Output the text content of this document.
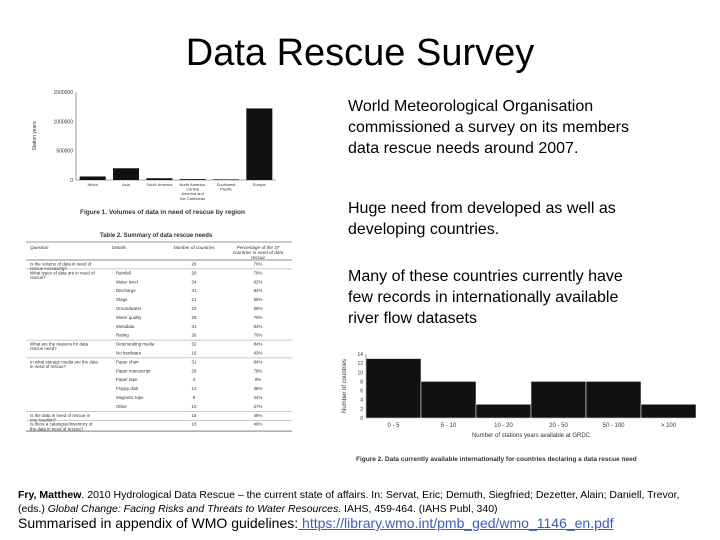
Data Rescue Survey
World Meteorological Organisation commissioned a survey on its members data rescue needs around 2007.
Huge need from developed as well as developing countries.
Many of these countries currently have few records in internationally available river flow datasets
0
500000
1000000
1500000
Station years
Africa	Asia	South America North America, Central America and the Caribbean
Southwest Pacific
Europe
Figure 1. Volumes of data in need of rescue by region
Table 2. Summary of data rescue needs
Question	Details	Number of countries	Percentage of the 37 countries in need of data rescue
Is the volume of data in need of rescue increasing?
26	70%
What types of data are in need of rescue?
Rainfall	29	78%
Water level	34	92%
Discharge	31	84%
Stage	21	58%
Groundwater	22	59%
Water quality	26	70%
Metadata	31	84%
Rating	26	70%
What are the reasons for data rescue need?
Deteriorating media	32	84%
No hardware	16	43%
In what storage media are the data in need of rescue?
Paper chart	31	84%
Paper manuscript	29	78%
Paper tape	3	8%
Floppy disk	14	38%
Magnetic tape	9	24%
Other	10	27%
Is the data in need of rescue in one location?
18	49%
Is there a catalogue/inventory of the data in need of rescue?
18	49%
0
2
4
6
8
10
12
14
Number of countries
0 - 5	5 - 10	10 - 20	20 - 50	50 - 100	> 100
Number of stations years available at GRDC
Figure 2. Data currently available internationally for countries declaring a data rescue need
Fry, Matthew. 2010 Hydrological Data Rescue – the current state of affairs. In: Servat, Eric; Demuth, Siegfried; Dezetter, Alain; Daniell, Trevor, (eds.) Global Change: Facing Risks and Threats to Water Resources. IAHS, 459-464. (IAHS Publ, 340)
Summarised in appendix of WMO guidelines: https://library.wmo.int/pmb_ged/wmo_1146_en.pdf
